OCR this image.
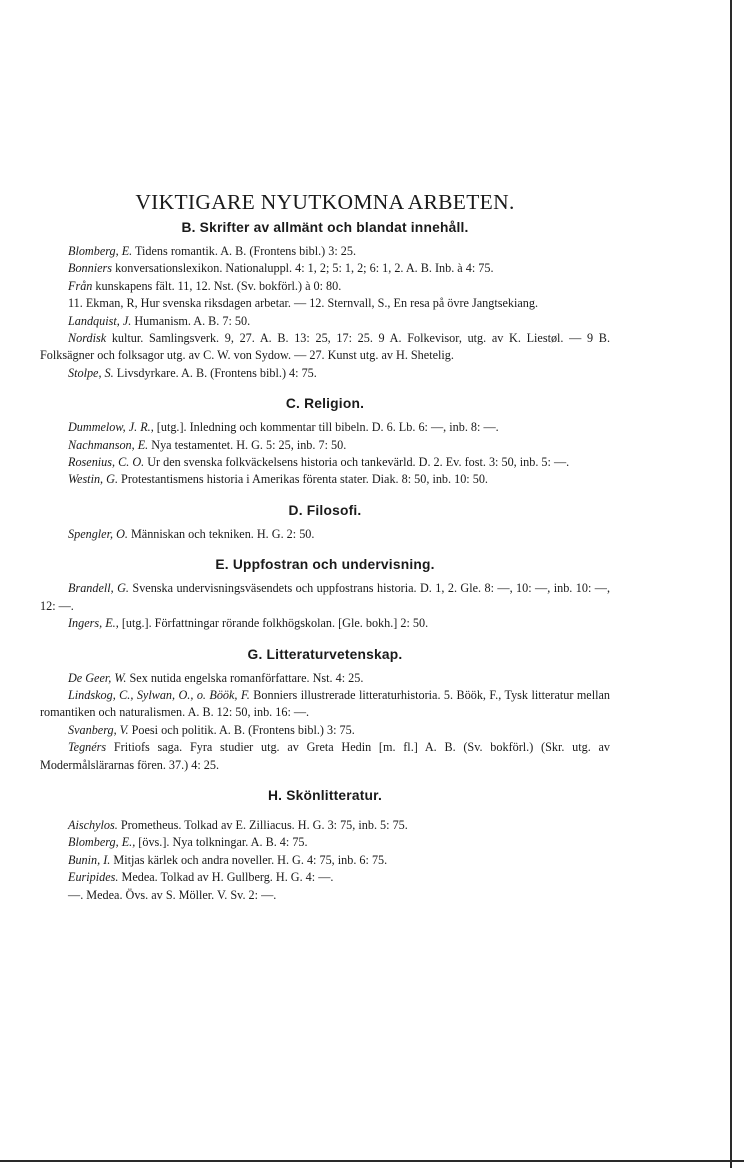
VIKTIGARE NYUTKOMNA ARBETEN.
B. Skrifter av allmänt och blandat innehåll.

Blomberg, E. Tidens romantik. A. B. (Frontens bibl.) 3: 25.

Bonniers konversationslexikon. Nationaluppl. 4: 1, 2; 5: 1, 2; 6: 1, 2. A. B. Inb. à 4: 75.

Från kunskapens fält. 11, 12. Nst. (Sv. bokförl.) à 0: 80.

11. Ekman, R, Hur svenska riksdagen arbetar. — 12. Sternvall, S., En resa på övre Jangtsekiang.

Landquist, J. Humanism. A. B. 7: 50.

Nordisk kultur. Samlingsverk. 9, 27. A. B. 13: 25, 17: 25. 9 A. Folkevisor, utg. av K. Liestøl. — 9 B. Folksägner och folksagor utg. av C. W. von Sydow. — 27. Kunst utg. av H. Shetelig.

Stolpe, S. Livsdyrkare. A. B. (Frontens bibl.) 4: 75.

C. Religion.

Dummelow, J. R., [utg.]. Inledning och kommentar till bibeln. D. 6. Lb. 6: —, inb. 8: —.

Nachmanson, E. Nya testamentet. H. G. 5: 25, inb. 7: 50.

Rosenius, C. O. Ur den svenska folkväckelsens historia och tankevärld. D. 2. Ev. fost. 3: 50, inb. 5: —.

Westin, G. Protestantismens historia i Amerikas förenta stater. Diak. 8: 50, inb. 10: 50.

D. Filosofi.

Spengler, O. Människan och tekniken. H. G. 2: 50.

E. Uppfostran och undervisning.

Brandell, G. Svenska undervisningsväsendets och uppfostrans historia. D. 1, 2. Gle. 8: —, 10: —, inb. 10: —, 12: —.

Ingers, E., [utg.]. Författningar rörande folkhögskolan. [Gle. bokh.] 2: 50.

G. Litteraturvetenskap.

De Geer, W. Sex nutida engelska romanförfattare. Nst. 4: 25.

Lindskog, C., Sylwan, O., o. Böök, F. Bonniers illustrerade litteraturhistoria. 5. Böök, F., Tysk litteratur mellan romantiken och naturalismen. A. B. 12: 50, inb. 16: —.

Svanberg, V. Poesi och politik. A. B. (Frontens bibl.) 3: 75.

Tegnérs Fritiofs saga. Fyra studier utg. av Greta Hedin [m. fl.] A. B. (Sv. bokförl.) (Skr. utg. av Modermålslärarnas fören. 37.) 4: 25.

H. Skönlitteratur.

Aischylos. Prometheus. Tolkad av E. Zilliacus. H. G. 3: 75, inb. 5: 75.

Blomberg, E., [övs.]. Nya tolkningar. A. B. 4: 75.

Bunin, I. Mitjas kärlek och andra noveller. H. G. 4: 75, inb. 6: 75.

Euripides. Medea. Tolkad av H. Gullberg. H. G. 4: —.

—. Medea. Övs. av S. Möller. V. Sv. 2: —.
